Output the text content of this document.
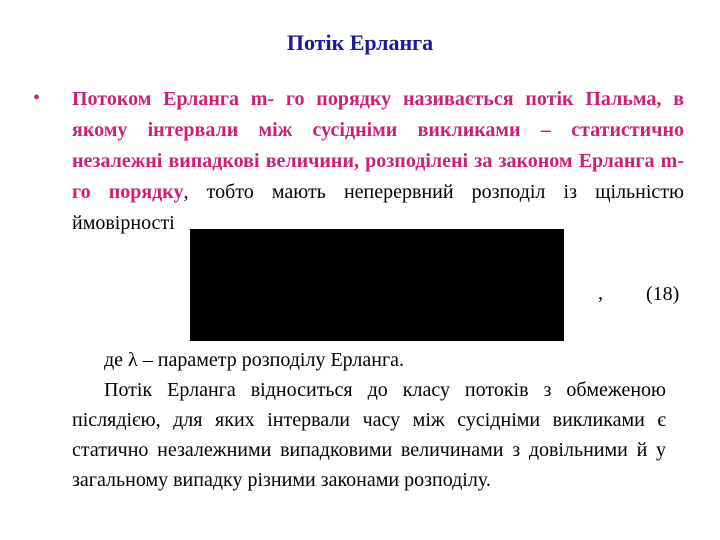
Потік Ерланга
• Потоком Ерланга m- го порядку називається потік Пальма, в якому інтервали між сусідніми викликами – статистично незалежні випадкові величини, розподілені за законом Ерланга m- го порядку, тобто мають неперервний розподіл із щільністю ймовірності

, (18)

де λ – параметр розподілу Ерланга.

Потік Ерланга відноситься до класу потоків з обмеженою післядією, для яких інтервали часу між сусідніми викликами є статично незалежними випадковими величинами з довільними й у загальному випадку різними законами розподілу.
